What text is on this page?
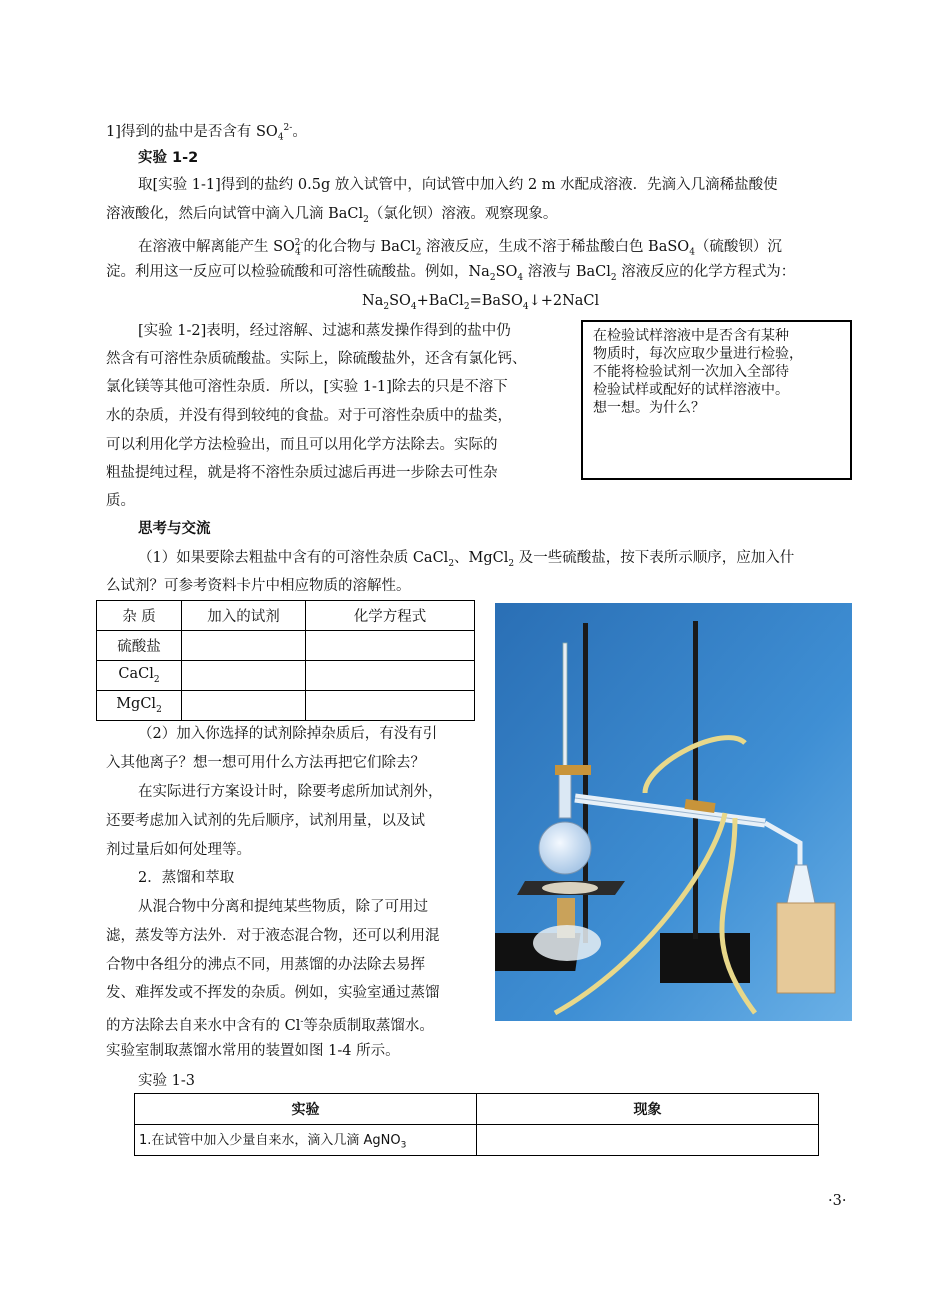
1]得到的盐中是否含有 $SO_4^{2-}$。
实验 1-2
取[实验 1-1]得到的盐约 0.5g 放入试管中，向试管中加入约 2 m 水配成溶液．先滴入几滴稀盐酸使
溶液酸化，然后向试管中滴入几滴 BaCl$_2$（氯化钡）溶液。观察现象。
在溶液中解离能产生 $SO_4^{2-}$的化合物与 BaCl$_2$ 溶液反应，生成不溶于稀盐酸白色 BaSO$_4$（硫酸钡）沉
淀。利用这一反应可以检验硫酸和可溶性硫酸盐。例如，$Na_2SO_4$ 溶液与 BaCl$_2$ 溶液反应的化学方程式为：
$Na_2SO_4+BaCl_2=BaSO_4↓+2NaCl$
[实验 1-2]表明，经过溶解、过滤和蒸发操作得到的盐中仍
然含有可溶性杂质硫酸盐。实际上，除硫酸盐外，还含有氯化钙、
氯化镁等其他可溶性杂质．所以，[实验 1-1]除去的只是不溶下
水的杂质，并没有得到较纯的食盐。对于可溶性杂质中的盐类，
可以利用化学方法检验出，而且可以用化学方法除去。实际的
粗盐提纯过程，就是将不溶性杂质过滤后再进一步除去可性杂
质。
在检验试样溶液中是否含有某种
物质时，每次应取少量进行检验，
不能将检验试剂一次加入全部待
检验试样或配好的试样溶液中。
想一想。为什么？
思考与交流
（1）如果要除去粗盐中含有的可溶性杂质 CaCl$_2$、MgCl$_2$ 及一些硫酸盐，按下表所示顺序，应加入什
么试剂？可参考资料卡片中相应物质的溶解性。
杂 质	加入的试剂	化学方程式
硫酸盐		
CaCl$_2$		
MgCl$_2$		
（2）加入你选择的试剂除掉杂质后，有没有引
入其他离子？想一想可用什么方法再把它们除去？
在实际进行方案设计时，除要考虑所加试剂外，
还要考虑加入试剂的先后顺序，试剂用量，以及试
剂过量后如何处理等。
2．蒸馏和萃取
从混合物中分离和提纯某些物质，除了可用过
滤，蒸发等方法外．对于液态混合物，还可以利用混
合物中各组分的沸点不同，用蒸馏的办法除去易挥
发、难挥发或不挥发的杂质。例如，实验室通过蒸馏
的方法除去自来水中含有的 Cl-等杂质制取蒸馏水。
实验室制取蒸馏水常用的装置如图 1-4 所示。
实验 1-3
实验	现象
1.在试管中加入少量自来水，滴入几滴 AgNO$_3$	
·3·
